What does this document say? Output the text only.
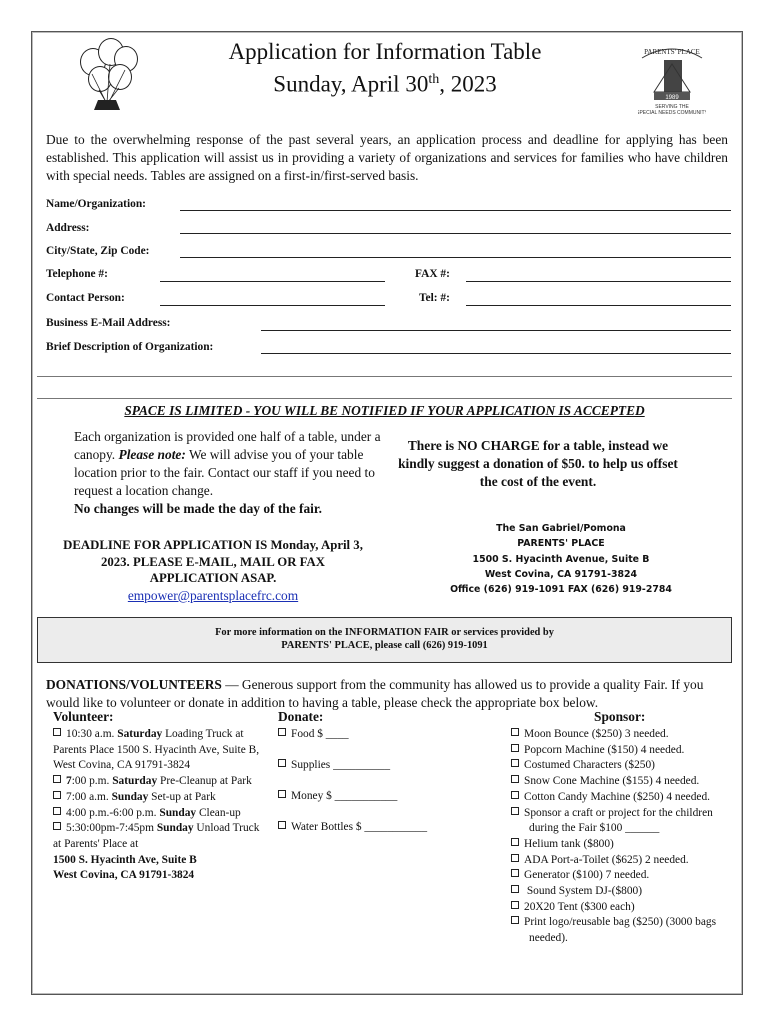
Application for Information Table
Sunday, April 30th, 2023
PARENTS' PLACE
1989
SERVING THE
SPECIAL NEEDS COMMUNITY
Due to the overwhelming response of the past several years, an application process and deadline for applying has been established. This application will assist us in providing a variety of organizations and services for families who have children with special needs. Tables are assigned on a first-in/first-served basis.
Name/Organization:
Address:
City/State, Zip Code:
Telephone #:	FAX #:
Contact Person:	Tel: #:
Business E-Mail Address:
Brief Description of Organization:
SPACE IS LIMITED - YOU WILL BE NOTIFIED IF YOUR APPLICATION IS ACCEPTED
Each organization is provided one half of a table, under a canopy. Please note: We will advise you of your table location prior to the fair. Contact our staff if you need to request a location change.
No changes will be made the day of the fair.
There is NO CHARGE for a table, instead we kindly suggest a donation of $50. to help us offset the cost of the event.
DEADLINE FOR APPLICATION IS Monday, April 3, 2023. PLEASE E-MAIL, MAIL OR FAX APPLICATION ASAP.
empower@parentsplacefrc.com
The San Gabriel/Pomona
PARENTS' PLACE
1500 S. Hyacinth Avenue, Suite B
West Covina, CA 91791-3824
Office (626) 919-1091 FAX (626) 919-2784
For more information on the INFORMATION FAIR or services provided by
PARENTS' PLACE, please call (626) 919-1091
DONATIONS/VOLUNTEERS — Generous support from the community has allowed us to provide a quality Fair. If you would like to volunteer or donate in addition to having a table, please check the appropriate box below.
Volunteer:	Donate:	Sponsor:
10:30 a.m. Saturday Loading Truck at Parents Place 1500 S. Hyacinth Ave, Suite B, West Covina, CA 91791-3824
7:00 p.m. Saturday Pre-Cleanup at Park
7:00 a.m. Sunday Set-up at Park
4:00 p.m.-6:00 p.m. Sunday Clean-up
5:30:00pm-7:45pm Sunday Unload Truck at Parents' Place at
1500 S. Hyacinth Ave, Suite B
West Covina, CA 91791-3824
Food $ ____
Supplies __________
Money $ ___________
Water Bottles $ ___________
Moon Bounce ($250) 3 needed.
Popcorn Machine ($150) 4 needed.
Costumed Characters ($250)
Snow Cone Machine ($155) 4 needed.
Cotton Candy Machine ($250) 4 needed.
Sponsor a craft or project for the children during the Fair $100 ______
Helium tank ($800)
ADA Port-a-Toilet ($625) 2 needed.
Generator ($100) 7 needed.
Sound System DJ-($800)
20X20 Tent ($300 each)
Print logo/reusable bag ($250) (3000 bags needed).
